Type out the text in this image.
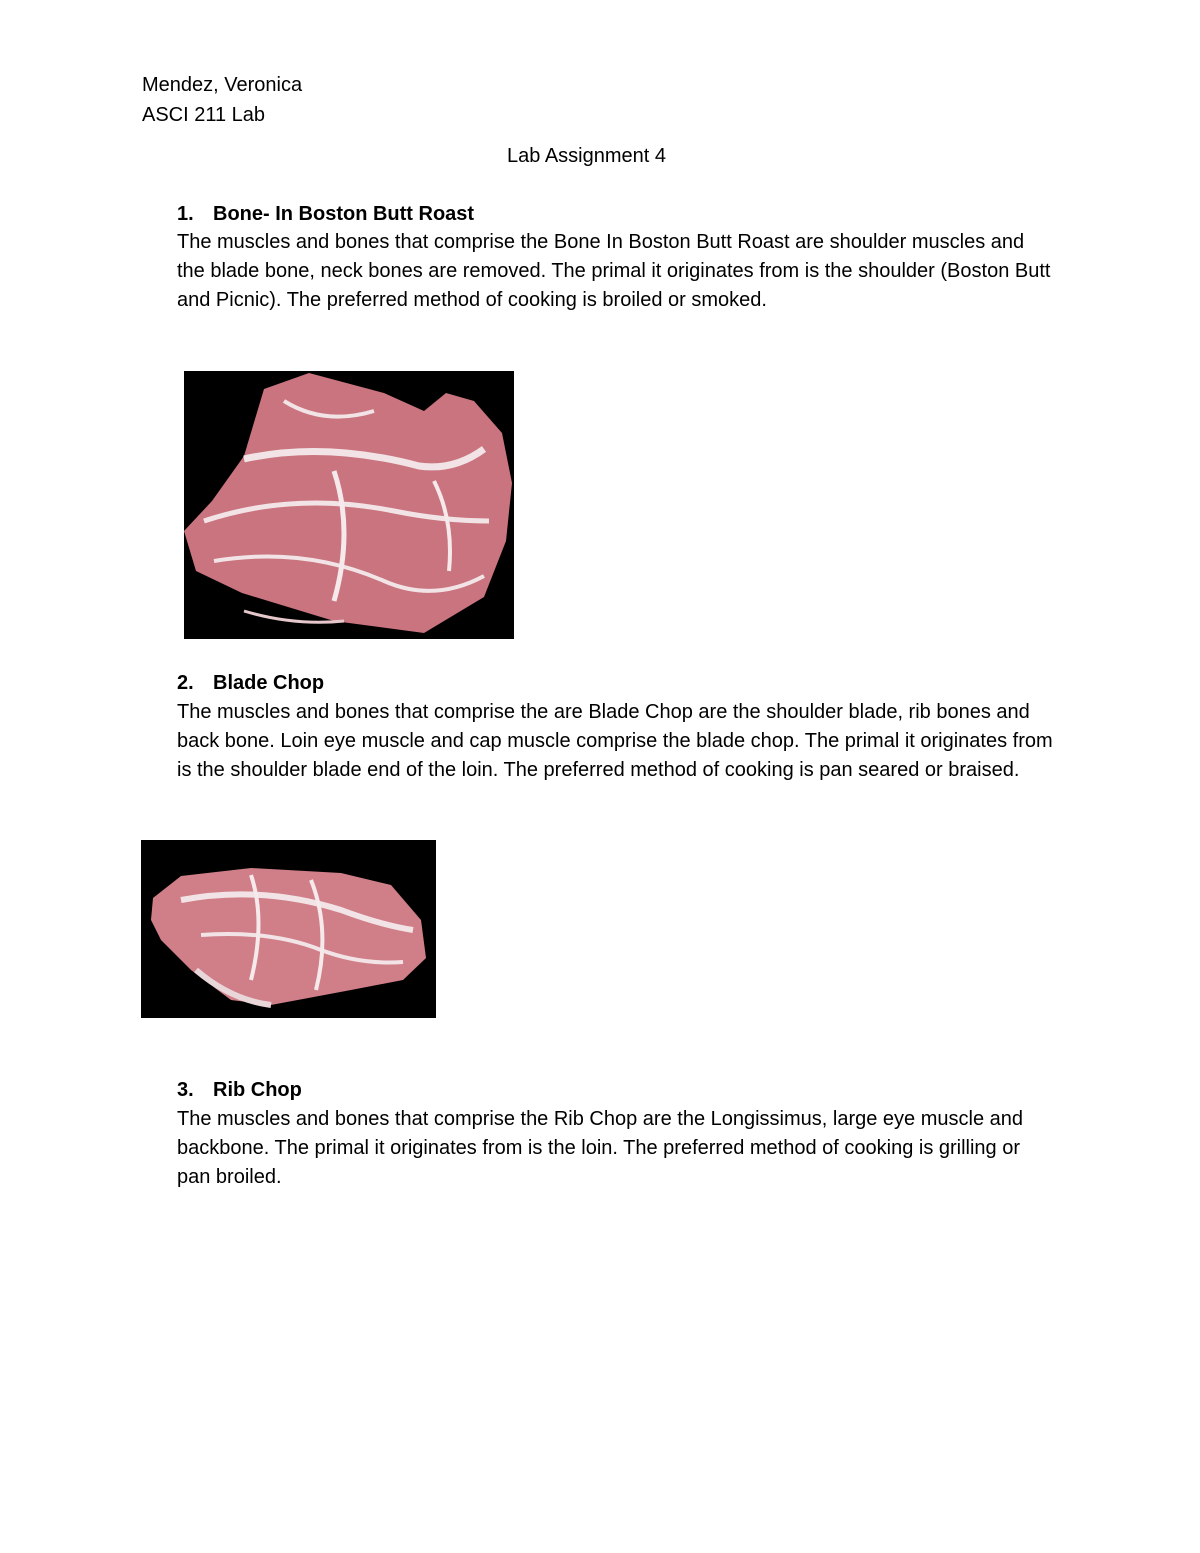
Mendez, Veronica
ASCI 211 Lab
Lab Assignment 4
1. Bone- In Boston Butt Roast
The muscles and bones that comprise the Bone In Boston Butt Roast are shoulder muscles and the blade bone, neck bones are removed. The primal it originates from is the shoulder (Boston Butt and Picnic). The preferred method of cooking is broiled or smoked.
2. Blade Chop
The muscles and bones that comprise the are Blade Chop are the shoulder blade, rib bones and back bone. Loin eye muscle and cap muscle comprise the blade chop. The primal it originates from is the shoulder blade end of the loin. The preferred method of cooking is pan seared or braised.
3. Rib Chop
The muscles and bones that comprise the Rib Chop are the Longissimus, large eye muscle and backbone. The primal it originates from is the loin. The preferred method of cooking is grilling or pan broiled.
